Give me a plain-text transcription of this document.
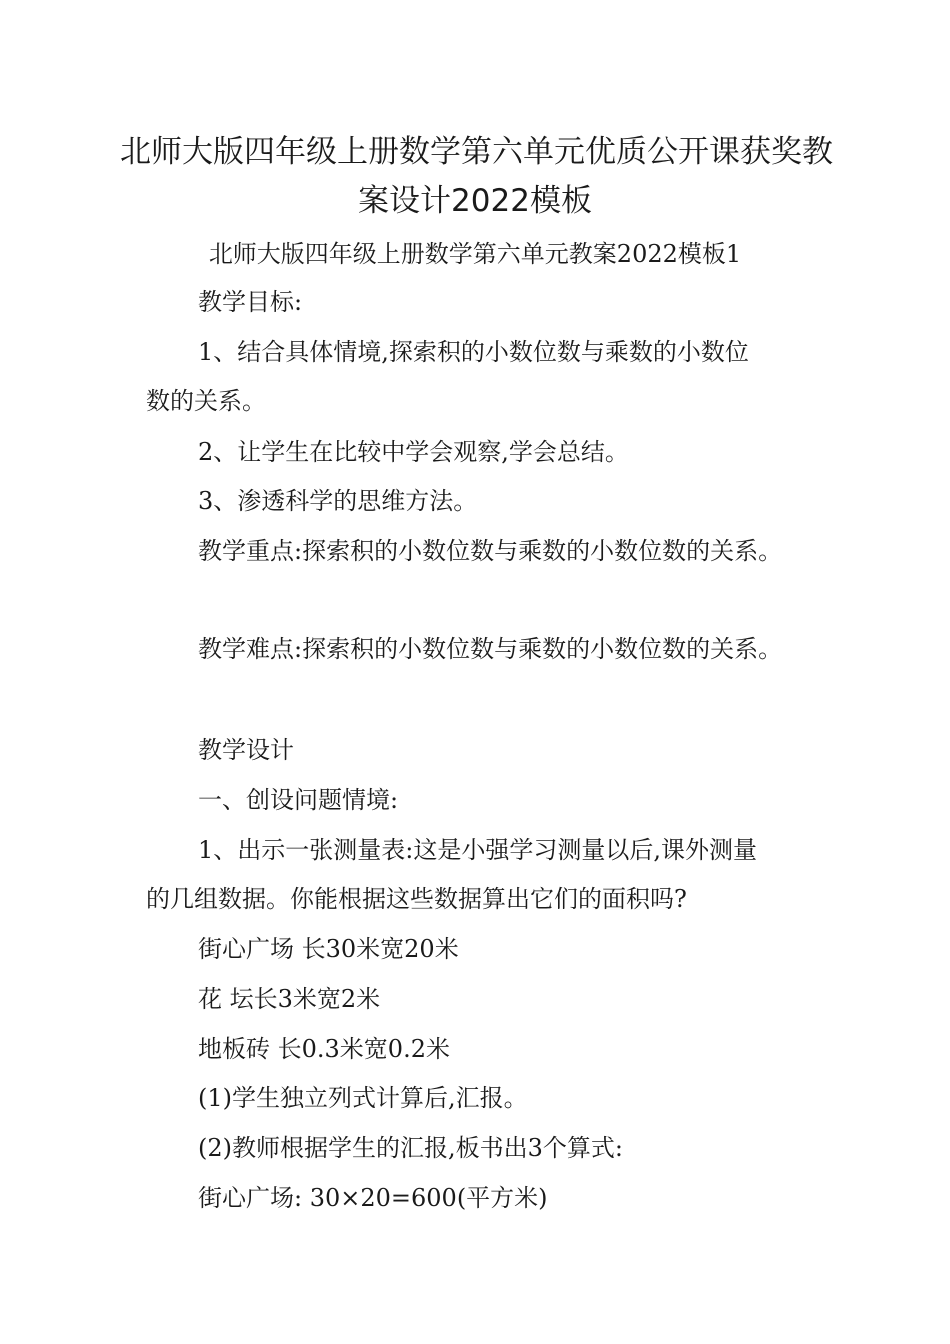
北师大版四年级上册数学第六单元优质公开课获奖教
案设计2022模板

北师大版四年级上册数学第六单元教案2022模板1

教学目标:

1、结合具体情境,探索积的小数位数与乘数的小数位

数的关系。

2、让学生在比较中学会观察,学会总结。

3、渗透科学的思维方法。

教学重点:探索积的小数位数与乘数的小数位数的关系。

教学难点:探索积的小数位数与乘数的小数位数的关系。

教学设计

一、创设问题情境:

1、出示一张测量表:这是小强学习测量以后,课外测量

的几组数据。你能根据这些数据算出它们的面积吗?

街心广场 长30米宽20米

花 坛长3米宽2米

地板砖 长0.3米宽0.2米

(1)学生独立列式计算后,汇报。

(2)教师根据学生的汇报,板书出3个算式:

街心广场: 30×20=600(平方米)
